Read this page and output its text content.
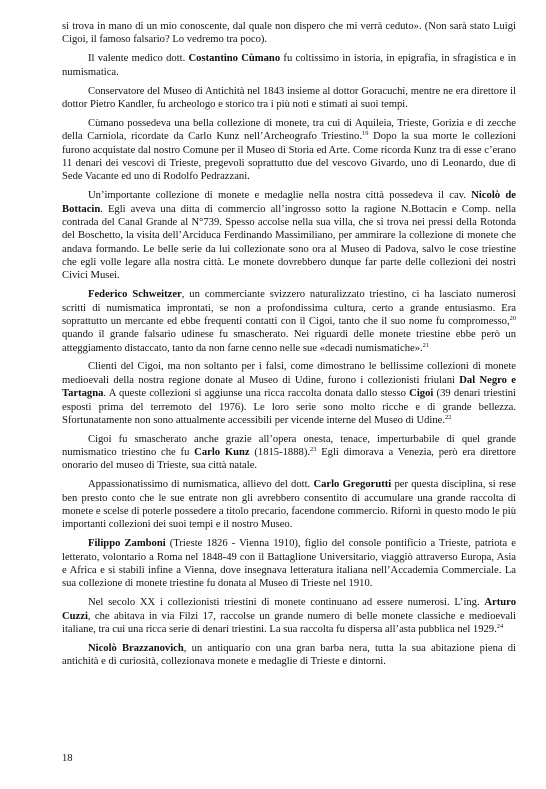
si trova in mano di un mio conoscente, dal quale non dispero che mi verrà ceduto». (Non sarà stato Luigi Cigoi, il famoso falsario? Lo vedremo tra poco).

Il valente medico dott. Costantino Cùmano fu coltissimo in istoria, in epigrafia, in sfragistica e in numismatica.

Conservatore del Museo di Antichità nel 1843 insieme al dottor Goracuchi, mentre ne era direttore il dottor Pietro Kandler, fu archeologo e storico tra i più noti e stimati ai suoi tempi.

Cùmano possedeva una bella collezione di monete, tra cui di Aquileia, Trieste, Gorizia e di zecche della Carniola, ricordate da Carlo Kunz nell’Archeografo Triestino.$^{19}$ Dopo la sua morte le collezioni furono acquistate dal nostro Comune per il Museo di Storia ed Arte. Come ricorda Kunz tra di esse c’erano 11 denari dei vescovi di Trieste, pregevoli soprattutto due del vescovo Givardo, uno di Leonardo, due di Sede Vacante ed uno di Rodolfo Pedrazzani.

Un’importante collezione di monete e medaglie nella nostra città possedeva il cav. Nicolò de Bottacin. Egli aveva una ditta di commercio all’ingrosso sotto la ragione N.Bottacin e Comp. nella contrada del Canal Grande al N°739. Spesso accolse nella sua villa, che si trova nei pressi della Rotonda del Boschetto, la visita dell’Arciduca Ferdinando Massimiliano, per ammirare la collezione di monete che andava formando. Le belle serie da lui collezionate sono ora al Museo di Padova, salvo le cose triestine che egli volle legare alla nostra città. Le monete dovrebbero dunque far parte delle collezioni dei nostri Civici Musei.

Federico Schweitzer, un commerciante svizzero naturalizzato triestino, ci ha lasciato numerosi scritti di numismatica improntati, se non a profondissima cultura, certo a grande entusiasmo. Era soprattutto un mercante ed ebbe frequenti contatti con il Cigoi, tanto che il suo nome fu compromesso,$^{20}$ quando il grande falsario udinese fu smascherato. Nei riguardi delle monete triestine ebbe però un atteggiamento distaccato, tanto da non farne cenno nelle sue «decadi numismatiche».$^{21}$

Clienti del Cigoi, ma non soltanto per i falsi, come dimostrano le bellissime collezioni di monete medioevali della nostra regione donate al Museo di Udine, furono i collezionisti friulani Dal Negro e Tartagna. A queste collezioni si aggiunse una ricca raccolta donata dallo stesso Cigoi (39 denari triestini esposti prima del terremoto del 1976). Le loro serie sono molto ricche e di grande bellezza. Sfortunatamente non sono attualmente accessibili per vicende interne del Museo di Udine.$^{22}$

Cigoi fu smascherato anche grazie all’opera onesta, tenace, imperturbabile di quel grande numismatico triestino che fu Carlo Kunz (1815-1888).$^{23}$ Egli dimorava a Venezia, però era direttore onorario del museo di Trieste, sua città natale.

Appassionatissimo di numismatica, allievo del dott. Carlo Gregorutti per questa disciplina, si rese ben presto conto che le sue entrate non gli avrebbero consentito di accumulare una grande raccolta di monete e scelse di poterle possedere a titolo precario, facendone commercio. Rifornì in questo modo le più importanti collezioni dei suoi tempi e il nostro Museo.

Filippo Zamboni (Trieste 1826 - Vienna 1910), figlio del console pontificio a Trieste, patriota e letterato, volontario a Roma nel 1848-49 con il Battaglione Universitario, viaggiò attraverso Europa, Asia e Africa e si stabilì infine a Vienna, dove insegnava letteratura italiana nell’Accademia Commerciale. La sua collezione di monete triestine fu donata al Museo di Trieste nel 1910.

Nel secolo XX i collezionisti triestini di monete continuano ad essere numerosi. L’ing. Arturo Cuzzi, che abitava in via Filzi 17, raccolse un grande numero di belle monete classiche e medioevali italiane, tra cui una ricca serie di denari triestini. La sua raccolta fu dispersa all’asta pubblica nel 1929.24

Nicolò Brazzanovich, un antiquario con una gran barba nera, tutta la sua abitazione piena di antichità e di curiosità, collezionava monete e medaglie di Trieste e dintorni.

18
